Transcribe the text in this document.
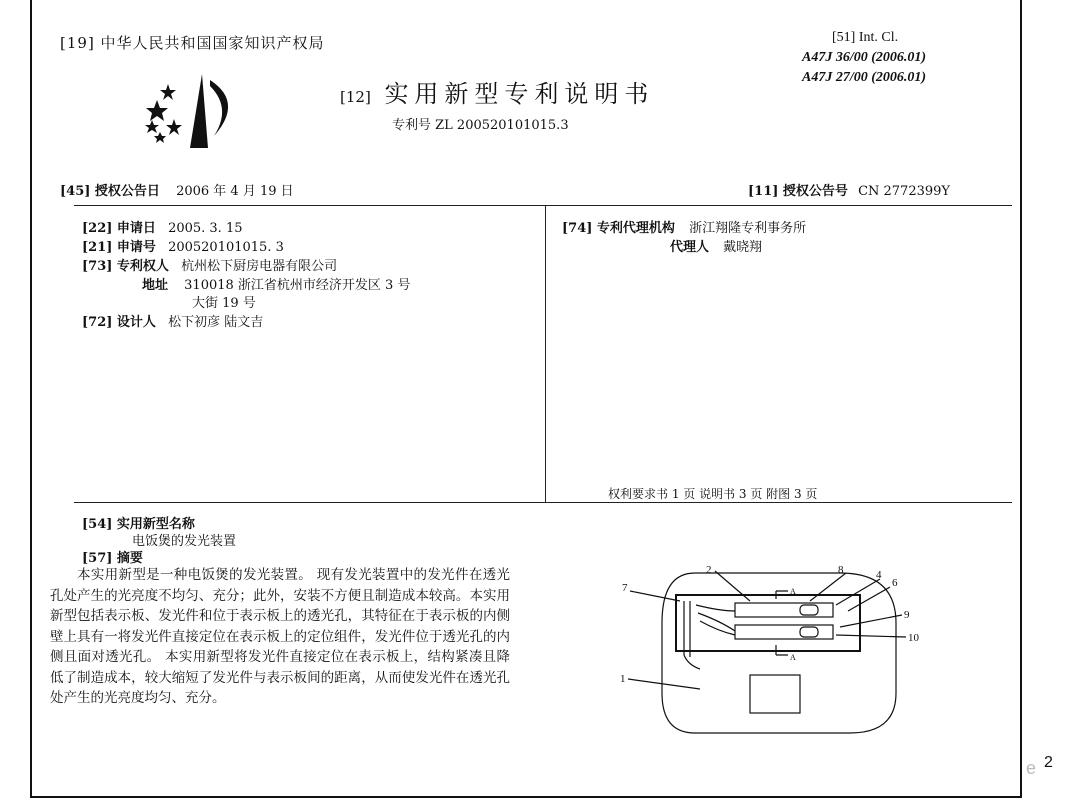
[19] 中华人民共和国国家知识产权局	[51] Int. Cl.
A47J 36/00 (2006.01)
A47J 27/00 (2006.01)
[12] 实用新型专利说明书
专利号 ZL 200520101015.3
[45] 授权公告日 2006 年 4 月 19 日	[11] 授权公告号 CN 2772399Y
[22] 申请日 2005. 3. 15
[21] 申请号 200520101015. 3
[73] 专利权人 杭州松下厨房电器有限公司
地址 310018 浙江省杭州市经济开发区 3 号
大街 19 号
[72] 设计人 松下初彦 陆文吉
[74] 专利代理机构 浙江翔隆专利事务所
代理人 戴晓翔
权利要求书 1 页 说明书 3 页 附图 3 页
[54] 实用新型名称
电饭煲的发光装置
[57] 摘要
本实用新型是一种电饭煲的发光装置。 现有发光装置中的发光件在透光孔处产生的光亮度不均匀、充分；此外，安装不方便且制造成本较高。本实用新型包括表示板、发光件和位于表示板上的透光孔，其特征在于表示板的内侧壁上具有一将发光件直接定位在表示板上的定位组件，发光件位于透光孔的内侧且面对透光孔。 本实用新型将发光件直接定位在表示板上，结构紧凑且降低了制造成本，较大缩短了发光件与表示板间的距离，从而使发光件在透光孔处产生的光亮度均匀、充分。
2	8	4
6
7
9
10
1
A
A
e 2
